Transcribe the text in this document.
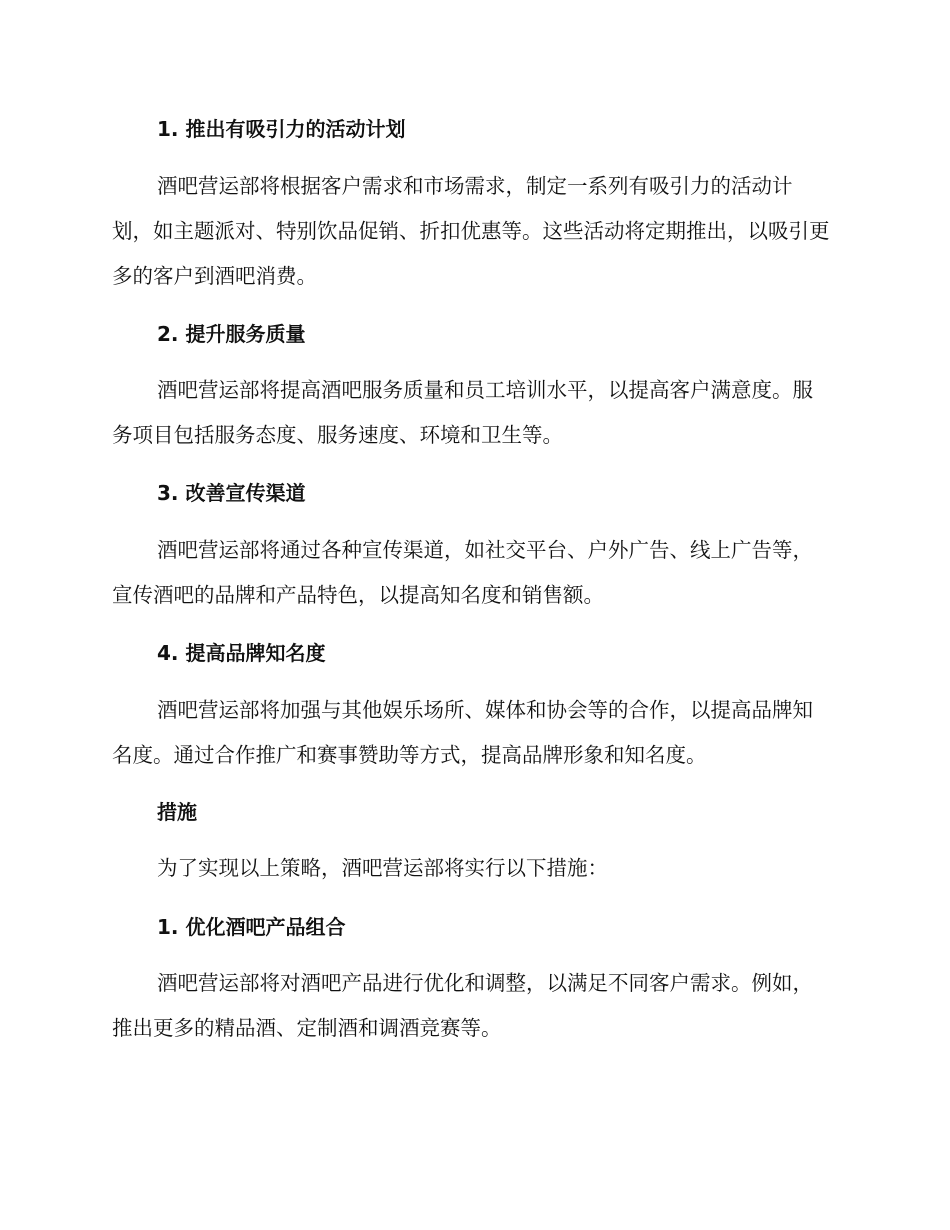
1. 推出有吸引力的活动计划

酒吧营运部将根据客户需求和市场需求，制定一系列有吸引力的活动计划，如主题派对、特别饮品促销、折扣优惠等。这些活动将定期推出，以吸引更多的客户到酒吧消费。

2. 提升服务质量

酒吧营运部将提高酒吧服务质量和员工培训水平，以提高客户满意度。服务项目包括服务态度、服务速度、环境和卫生等。

3. 改善宣传渠道

酒吧营运部将通过各种宣传渠道，如社交平台、户外广告、线上广告等，宣传酒吧的品牌和产品特色，以提高知名度和销售额。

4. 提高品牌知名度

酒吧营运部将加强与其他娱乐场所、媒体和协会等的合作，以提高品牌知名度。通过合作推广和赛事赞助等方式，提高品牌形象和知名度。

措施

为了实现以上策略，酒吧营运部将实行以下措施：

1. 优化酒吧产品组合

酒吧营运部将对酒吧产品进行优化和调整，以满足不同客户需求。例如，推出更多的精品酒、定制酒和调酒竞赛等。
